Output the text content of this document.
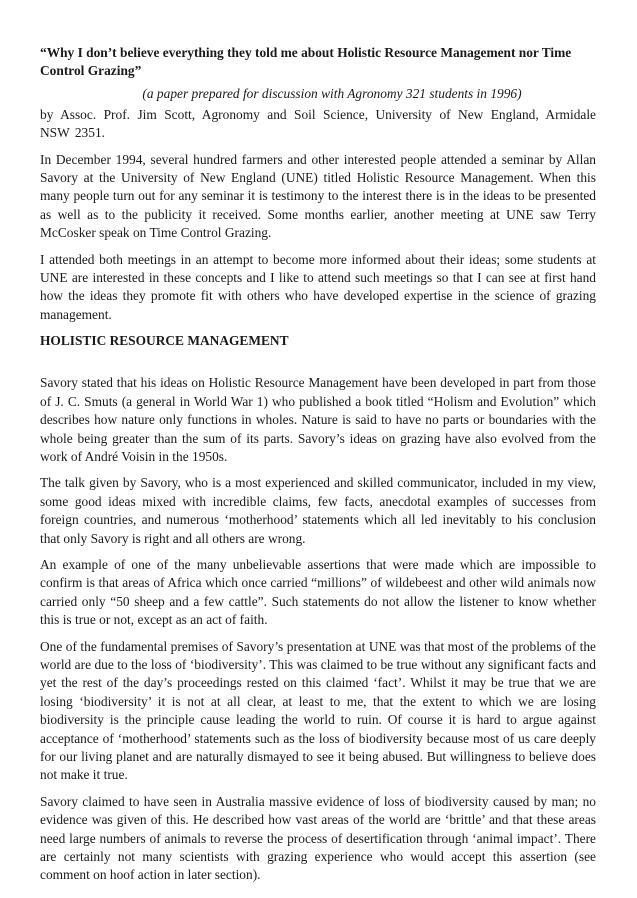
“Why I don’t believe everything they told me about Holistic Resource Management nor Time Control Grazing”
(a paper prepared for discussion with Agronomy 321 students in 1996)

by Assoc. Prof. Jim Scott, Agronomy and Soil Science, University of New England, Armidale NSW 2351.

In December 1994, several hundred farmers and other interested people attended a seminar by Allan Savory at the University of New England (UNE) titled Holistic Resource Management. When this many people turn out for any seminar it is testimony to the interest there is in the ideas to be presented as well as to the publicity it received. Some months earlier, another meeting at UNE saw Terry McCosker speak on Time Control Grazing.

I attended both meetings in an attempt to become more informed about their ideas; some students at UNE are interested in these concepts and I like to attend such meetings so that I can see at first hand how the ideas they promote fit with others who have developed expertise in the science of grazing management.

HOLISTIC RESOURCE MANAGEMENT

Savory stated that his ideas on Holistic Resource Management have been developed in part from those of J. C. Smuts (a general in World War 1) who published a book titled “Holism and Evolution” which describes how nature only functions in wholes. Nature is said to have no parts or boundaries with the whole being greater than the sum of its parts. Savory’s ideas on grazing have also evolved from the work of André Voisin in the 1950s.

The talk given by Savory, who is a most experienced and skilled communicator, included in my view, some good ideas mixed with incredible claims, few facts, anecdotal examples of successes from foreign countries, and numerous ‘motherhood’ statements which all led inevitably to his conclusion that only Savory is right and all others are wrong.

An example of one of the many unbelievable assertions that were made which are impossible to confirm is that areas of Africa which once carried “millions” of wildebeest and other wild animals now carried only “50 sheep and a few cattle”. Such statements do not allow the listener to know whether this is true or not, except as an act of faith.

One of the fundamental premises of Savory’s presentation at UNE was that most of the problems of the world are due to the loss of ‘biodiversity’. This was claimed to be true without any significant facts and yet the rest of the day’s proceedings rested on this claimed ‘fact’. Whilst it may be true that we are losing ‘biodiversity’ it is not at all clear, at least to me, that the extent to which we are losing biodiversity is the principle cause leading the world to ruin. Of course it is hard to argue against acceptance of ‘motherhood’ statements such as the loss of biodiversity because most of us care deeply for our living planet and are naturally dismayed to see it being abused. But willingness to believe does not make it true.

Savory claimed to have seen in Australia massive evidence of loss of biodiversity caused by man; no evidence was given of this. He described how vast areas of the world are ‘brittle’ and that these areas need large numbers of animals to reverse the process of desertification through ‘animal impact’. There are certainly not many scientists with grazing experience who would accept this assertion (see comment on hoof action in later section).
